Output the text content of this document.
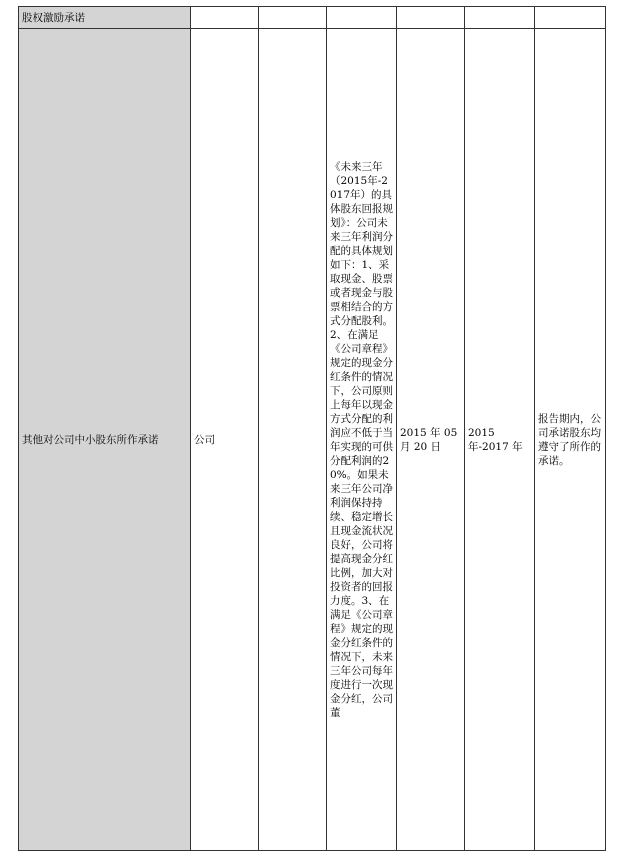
股权激励承诺						
其他对公司中小股东所作承诺	公司		《未来三年（2015年-2017年）的具体股东回报规划》：公司未来三年利润分配的具体规划如下：1、采取现金、股票或者现金与股票相结合的方式分配股利。2、在满足《公司章程》规定的现金分红条件的情况下，公司原则上每年以现金方式分配的利润应不低于当年实现的可供分配利润的20%。如果未来三年公司净利润保持持续、稳定增长且现金流状况良好，公司将提高现金分红比例，加大对投资者的回报力度。3、在满足《公司章程》规定的现金分红条件的情况下，未来三年公司每年度进行一次现金分红，公司董	2015 年 05 月 20 日	2015 年-2017 年	报告期内，公司承诺股东均遵守了所作的承诺。
